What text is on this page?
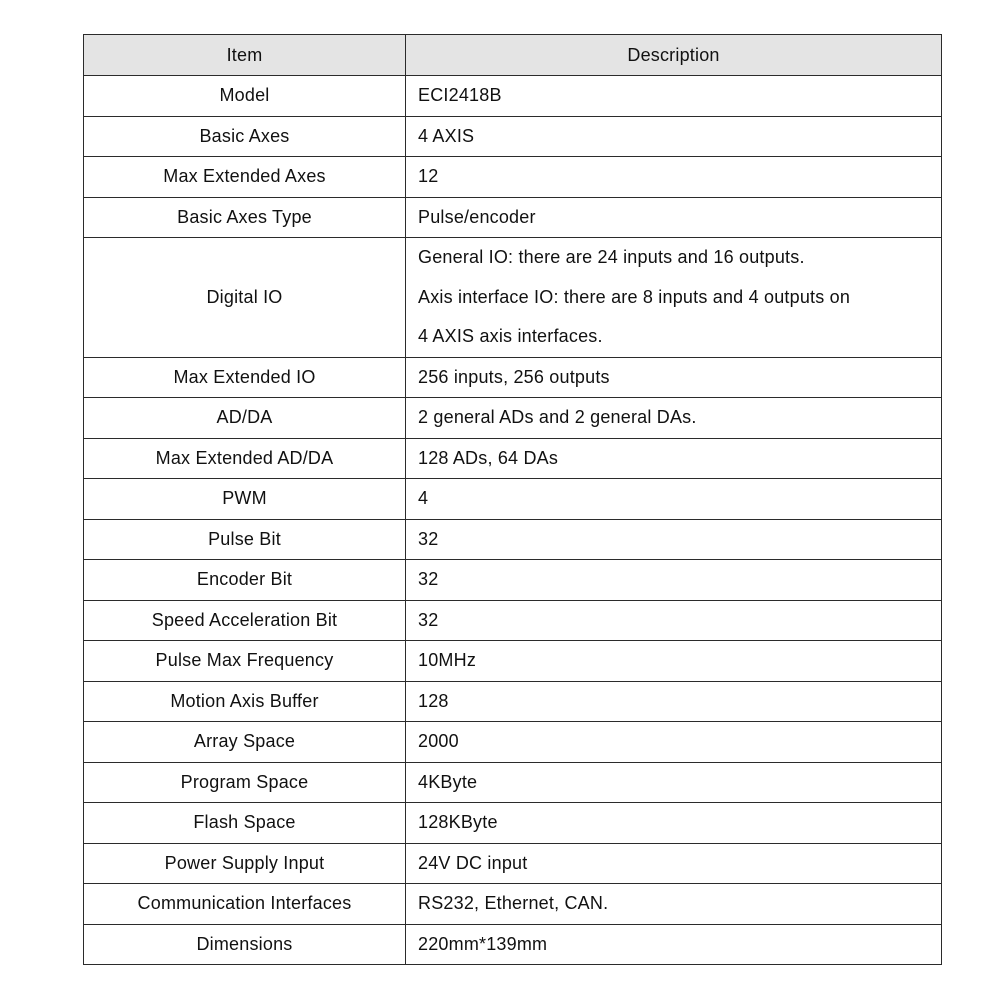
Item	Description
Model	ECI2418B

Basic Axes	4 AXIS

Max Extended Axes	12

Basic Axes Type	Pulse/encoder

Digital IO	General IO: there are 24 inputs and 16 outputs.
Axis interface IO: there are 8 inputs and 4 outputs on
4 AXIS axis interfaces.

Max Extended IO	256 inputs, 256 outputs

AD/DA	2 general ADs and 2 general DAs.

Max Extended AD/DA	128 ADs, 64 DAs

PWM	4

Pulse Bit	32

Encoder Bit	32

Speed Acceleration Bit	32

Pulse Max Frequency	10MHz

Motion Axis Buffer	128

Array Space	2000

Program Space	4KByte

Flash Space	128KByte

Power Supply Input	24V DC input

Communication Interfaces	RS232, Ethernet, CAN.

Dimensions	220mm*139mm
